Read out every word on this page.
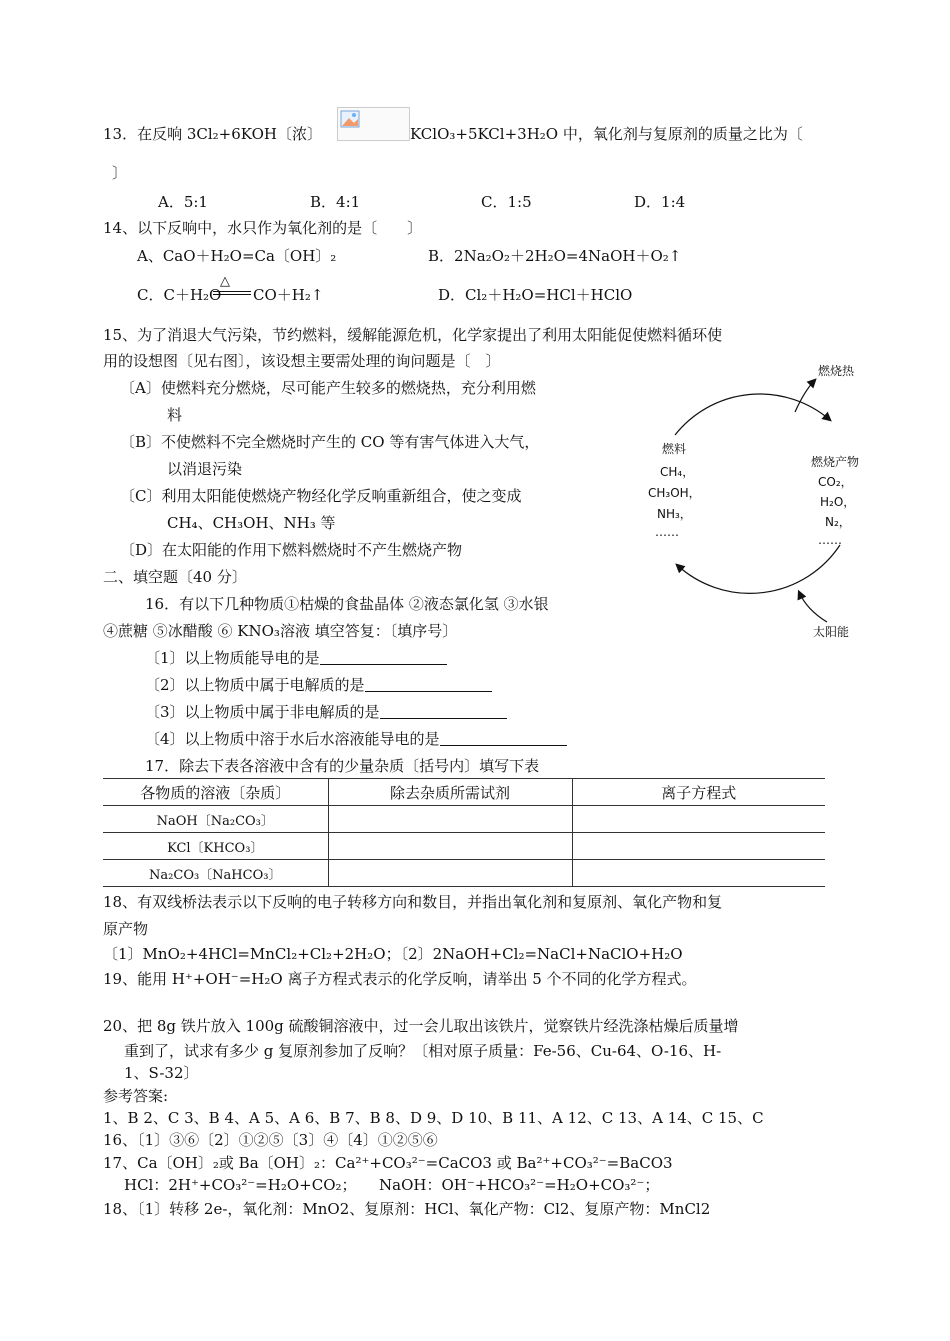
13．在反响 3Cl₂+6KOH〔浓〕	KClO₃+5KCl+3H₂O 中，氧化剂与复原剂的质量之比为〔
〕
A．5:1	B．4:1	C．1:5	D．1:4
14、以下反响中，水只作为氧化剂的是〔　　〕
A、CaO＋H₂O=Ca〔OH〕₂	B．2Na₂O₂＋2H₂O=4NaOH＋O₂↑
C．C＋H₂O
△
CO＋H₂↑	D．Cl₂＋H₂O=HCl＋HClO
15、为了消退大气污染，节约燃料，缓解能源危机，化学家提出了利用太阳能促使燃料循环使
用的设想图〔见右图〕，该设想主要需处理的询问题是〔　〕
〔A〕使燃料充分燃烧，尽可能产生较多的燃烧热，充分利用燃
料
〔B〕不使燃料不完全燃烧时产生的 CO 等有害气体进入大气，
以消退污染
〔C〕利用太阳能使燃烧产物经化学反响重新组合，使之变成
CH₄、CH₃OH、NH₃ 等
〔D〕在太阳能的作用下燃料燃烧时不产生燃烧产物
燃烧热
燃料
CH₄，
CH₃OH，
NH₃，
……
燃烧产物
CO₂，
H₂O，
N₂，
……
太阳能
二、填空题〔40 分〕
16．有以下几种物质①枯燥的食盐晶体 ②液态氯化氢 ③水银
④蔗糖 ⑤冰醋酸 ⑥ KNO₃溶液 填空答复：〔填序号〕
〔1〕以上物质能导电的是
〔2〕以上物质中属于电解质的是
〔3〕以上物质中属于非电解质的是
〔4〕以上物质中溶于水后水溶液能导电的是
17．除去下表各溶液中含有的少量杂质〔括号内〕填写下表
各物质的溶液〔杂质〕	除去杂质所需试剂	离子方程式
NaOH〔Na₂CO₃〕		
KCl〔KHCO₃〕		
Na₂CO₃〔NaHCO₃〕		
18、有双线桥法表示以下反响的电子转移方向和数目，并指出氧化剂和复原剂、氧化产物和复
原产物
〔1〕MnO₂+4HCl=MnCl₂+Cl₂+2H₂O；〔2〕2NaOH+Cl₂=NaCl+NaClO+H₂O
19、能用 H⁺+OH⁻=H₂O 离子方程式表示的化学反响，请举出 5 个不同的化学方程式。
20、把 8g 铁片放入 100g 硫酸铜溶液中，过一会儿取出该铁片，觉察铁片经洗涤枯燥后质量增
重到了，试求有多少 g 复原剂参加了反响？〔相对原子质量：Fe-56、Cu-64、O-16、H-
1、S-32〕
参考答案:
1、B 2、C 3、B 4、A 5、A 6、B 7、B 8、D 9、D 10、B 11、A 12、C 13、A 14、C 15、C
16、〔1〕③⑥〔2〕①②⑤〔3〕④〔4〕①②⑤⑥
17、Ca〔OH〕₂或 Ba〔OH〕₂：Ca²⁺+CO₃²⁻=CaCO3 或 Ba²⁺+CO₃²⁻=BaCO3
HCl：2H⁺+CO₃²⁻=H₂O+CO₂；　　NaOH：OH⁻+HCO₃²⁻=H₂O+CO₃²⁻；
18、〔1〕转移 2e-，氧化剂：MnO2、复原剂：HCl、氧化产物：Cl2、复原产物：MnCl2
